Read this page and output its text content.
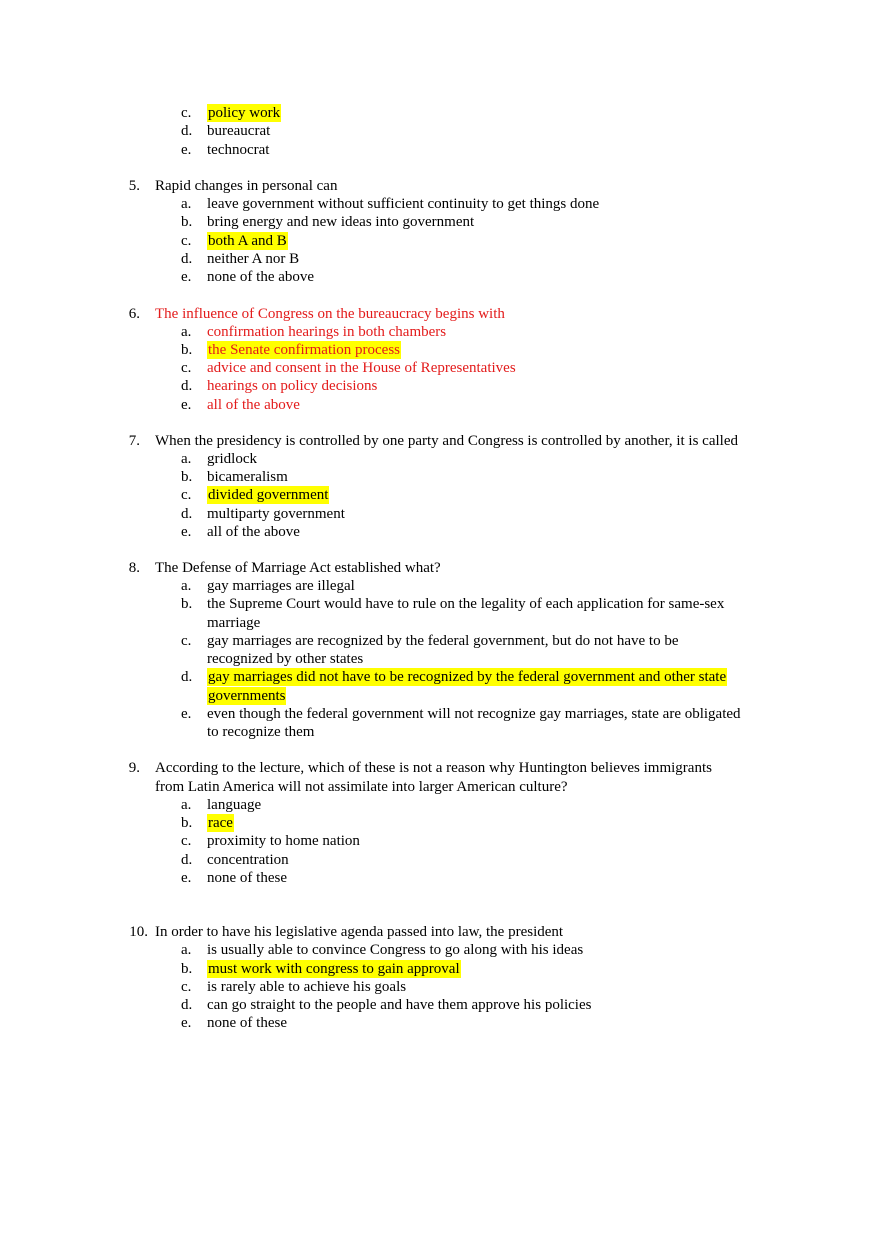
c.	policy work
d. bureaucrat
e.	technocrat
5. Rapid changes in personal can
a.	leave government without sufficient continuity to get things done
b. bring energy and new ideas into government
c.	both A and B
d. neither A nor B
e.	none of the above
6. The influence of Congress on the bureaucracy begins with
a.	confirmation hearings in both chambers
b.	the Senate confirmation process
c.	advice and consent in the House of Representatives
d. hearings on policy decisions
e.	all of the above
7. When the presidency is controlled by one party and Congress is controlled by another, it is called
a.	gridlock
b. bicameralism
c.	divided government
d. multiparty government
e.	all of the above
8. The Defense of Marriage Act established what?
a.	gay marriages are illegal
b. the Supreme Court would have to rule on the legality of each application for same-sex
marriage
c.	gay marriages are recognized by the federal government, but do not have to be
recognized by other states
d.	gay marriages did not have to be recognized by the federal government and other state
governments
e.	even though the federal government will not recognize gay marriages, state are obligated
to recognize them
9. According to the lecture, which of these is not a reason why Huntington believes immigrants
from Latin America will not assimilate into larger American culture?
a.	language
b.	race
c.	proximity to home nation
d. concentration
e.	none of these
10. In order to have his legislative agenda passed into law, the president
a.	is usually able to convince Congress to go along with his ideas
b.	must work with congress to gain approval
c.	is rarely able to achieve his goals
d. can go straight to the people and have them approve his policies
e.	none of these
